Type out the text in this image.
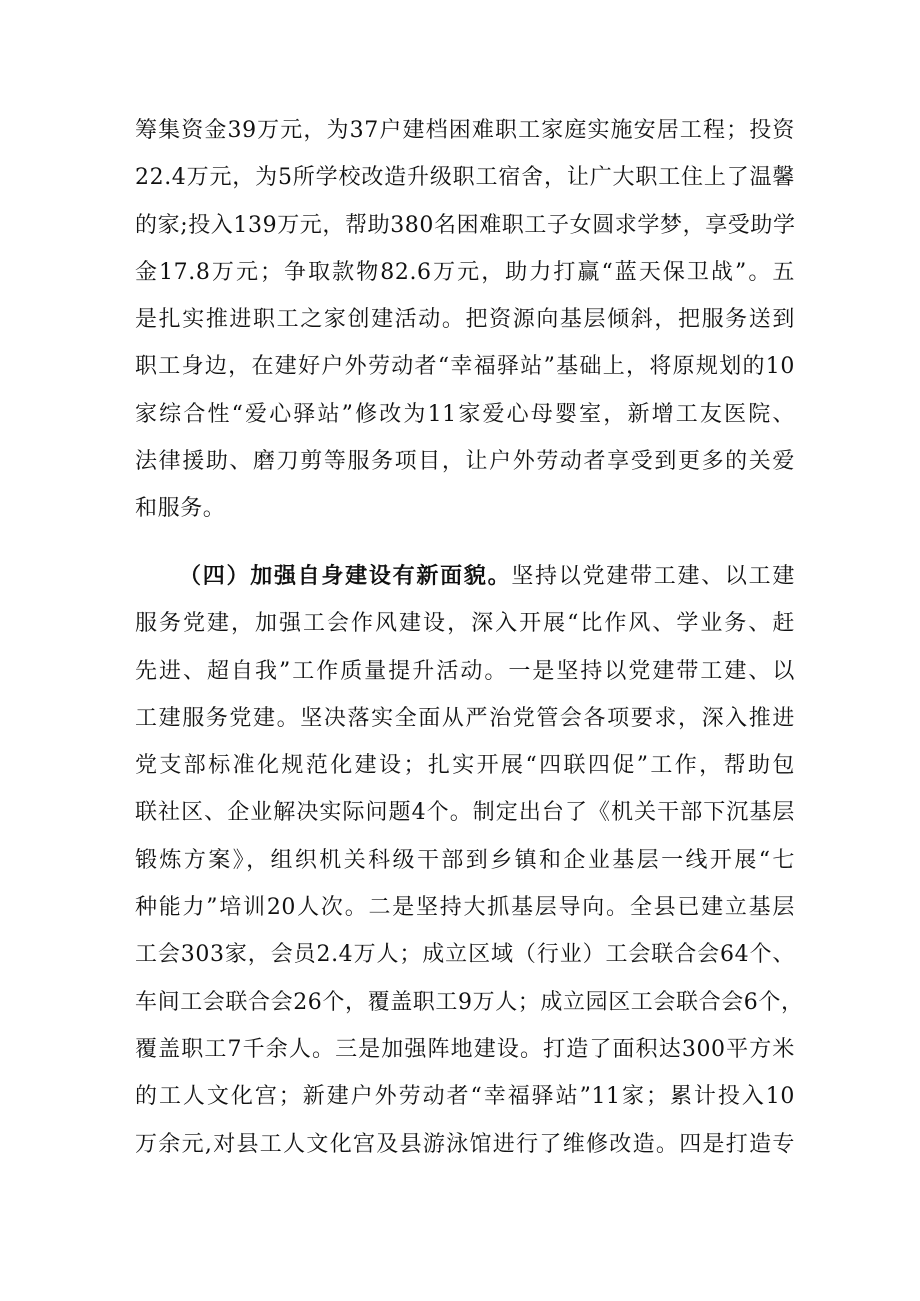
筹集资金39万元，为37户建档困难职工家庭实施安居工程；投资
22.4万元，为5所学校改造升级职工宿舍，让广大职工住上了温馨
的家;投入139万元，帮助380名困难职工子女圆求学梦，享受助学
金17.8万元；争取款物82.6万元，助力打赢“蓝天保卫战”。五
是扎实推进职工之家创建活动。把资源向基层倾斜，把服务送到
职工身边，在建好户外劳动者“幸福驿站”基础上，将原规划的10
家综合性“爱心驿站”修改为11家爱心母婴室，新增工友医院、
法律援助、磨刀剪等服务项目，让户外劳动者享受到更多的关爱
和服务。
（四）加强自身建设有新面貌。坚持以党建带工建、以工建
服务党建，加强工会作风建设，深入开展“比作风、学业务、赶
先进、超自我”工作质量提升活动。一是坚持以党建带工建、以
工建服务党建。坚决落实全面从严治党管会各项要求，深入推进
党支部标准化规范化建设；扎实开展“四联四促”工作，帮助包
联社区、企业解决实际问题4个。制定出台了《机关干部下沉基层
锻炼方案》，组织机关科级干部到乡镇和企业基层一线开展“七
种能力”培训20人次。二是坚持大抓基层导向。全县已建立基层
工会303家，会员2.4万人；成立区域（行业）工会联合会64个、
车间工会联合会26个，覆盖职工9万人；成立园区工会联合会6个，
覆盖职工7千余人。三是加强阵地建设。打造了面积达300平方米
的工人文化宫；新建户外劳动者“幸福驿站”11家；累计投入10
万余元,对县工人文化宫及县游泳馆进行了维修改造。四是打造专
